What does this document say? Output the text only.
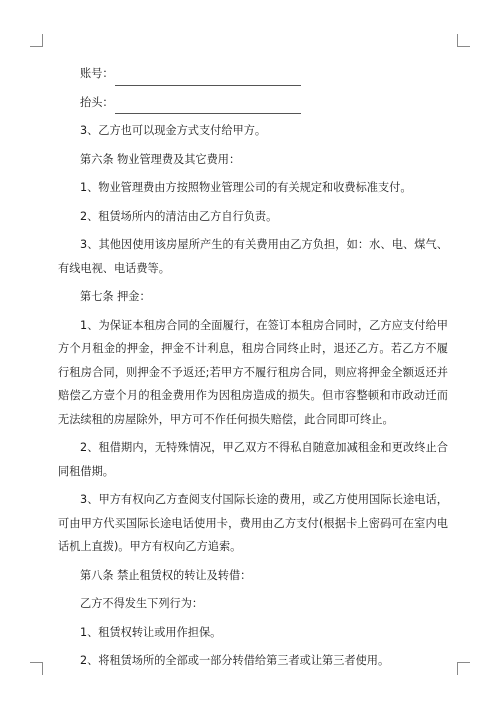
账号：
抬头：

3、乙方也可以现金方式支付给甲方。

第六条 物业管理费及其它费用：

1、物业管理费由方按照物业管理公司的有关规定和收费标准支付。

2、租赁场所内的清洁由乙方自行负责。

3、其他因使用该房屋所产生的有关费用由乙方负担，如：水、电、煤气、有线电视、电话费等。

第七条 押金：

1、为保证本租房合同的全面履行，在签订本租房合同时，乙方应支付给甲方个月租金的押金，押金不计利息，租房合同终止时，退还乙方。若乙方不履行租房合同，则押金不予返还;若甲方不履行租房合同，则应将押金全额返还并赔偿乙方壹个月的租金费用作为因租房造成的损失。但市容整顿和市政动迁而无法续租的房屋除外，甲方可不作任何损失赔偿，此合同即可终止。

2、租借期内，无特殊情况，甲乙双方不得私自随意加减租金和更改终止合同租借期。

3、甲方有权向乙方查阅支付国际长途的费用，或乙方使用国际长途电话，可由甲方代买国际长途电话使用卡，费用由乙方支付(根据卡上密码可在室内电话机上直拨)。甲方有权向乙方追索。

第八条 禁止租赁权的转让及转借：

乙方不得发生下列行为：

1、租赁权转让或用作担保。

2、将租赁场所的全部或一部分转借给第三者或让第三者使用。
